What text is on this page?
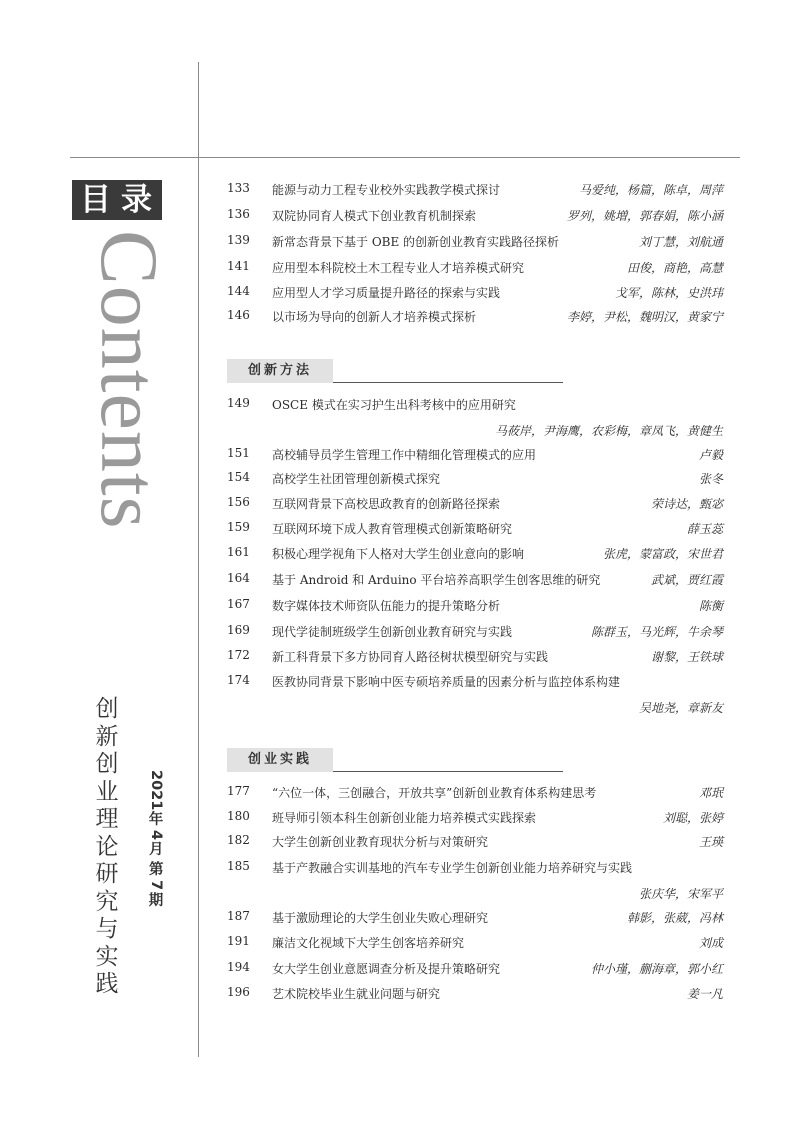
目录
Contents
创
新
创
业
理
论
研
究
与
实
践
2021
年
4
月第
7
期
133	能源与动力工程专业校外实践教学模式探讨	马爱纯，杨篇，陈卓，周萍
136	双院协同育人模式下创业教育机制探索	罗列，姚増，郭春娟，陈小涵
139	新常态背景下基于 OBE 的创新创业教育实践路径探析	刘丁慧，刘航通
141	应用型本科院校土木工程专业人才培养模式研究	田俊，商艳，高慧
144	应用型人才学习质量提升路径的探索与实践	戈军，陈林，史洪玮
146	以市场为导向的创新人才培养模式探析	李婷，尹松，魏明汉，黄家宁
创新方法
149	OSCE 模式在实习护生出科考核中的应用研究
马莜岸，尹海鹰，农彩梅，章凤飞，黄健生
151	高校辅导员学生管理工作中精细化管理模式的应用	卢毅
154	高校学生社团管理创新模式探究	张冬
156	互联网背景下高校思政教育的创新路径探索	荣诗达，甄宓
159	互联网环境下成人教育管理模式创新策略研究	薛玉蕊
161	积极心理学视角下人格对大学生创业意向的影响	张虎，蒙富政，宋世君
164	基于 Android 和 Arduino 平台培养高职学生创客思维的研究	武斌，贾红霞
167	数字媒体技术师资队伍能力的提升策略分析	陈衡
169	现代学徒制班级学生创新创业教育研究与实践	陈群玉，马光辉，牛余琴
172	新工科背景下多方协同育人路径树状模型研究与实践	谢黎，王铁球
174	医教协同背景下影响中医专硕培养质量的因素分析与监控体系构建
吴地尧，章新友
创业实践
177	“六位一体，三创融合，开放共享”创新创业教育体系构建思考	邓珉
180	班导师引领本科生创新创业能力培养模式实践探索	刘聪，张婷
182	大学生创新创业教育现状分析与对策研究	王瑛
185	基于产教融合实训基地的汽车专业学生创新创业能力培养研究与实践
张庆华，宋军平
187	基于激励理论的大学生创业失败心理研究	韩影，张葳，冯林
191	廉洁文化视域下大学生创客培养研究	刘成
194	女大学生创业意愿调查分析及提升策略研究	仲小瑾，蒯海章，郭小红
196	艺术院校毕业生就业问题与研究	姜一凡
